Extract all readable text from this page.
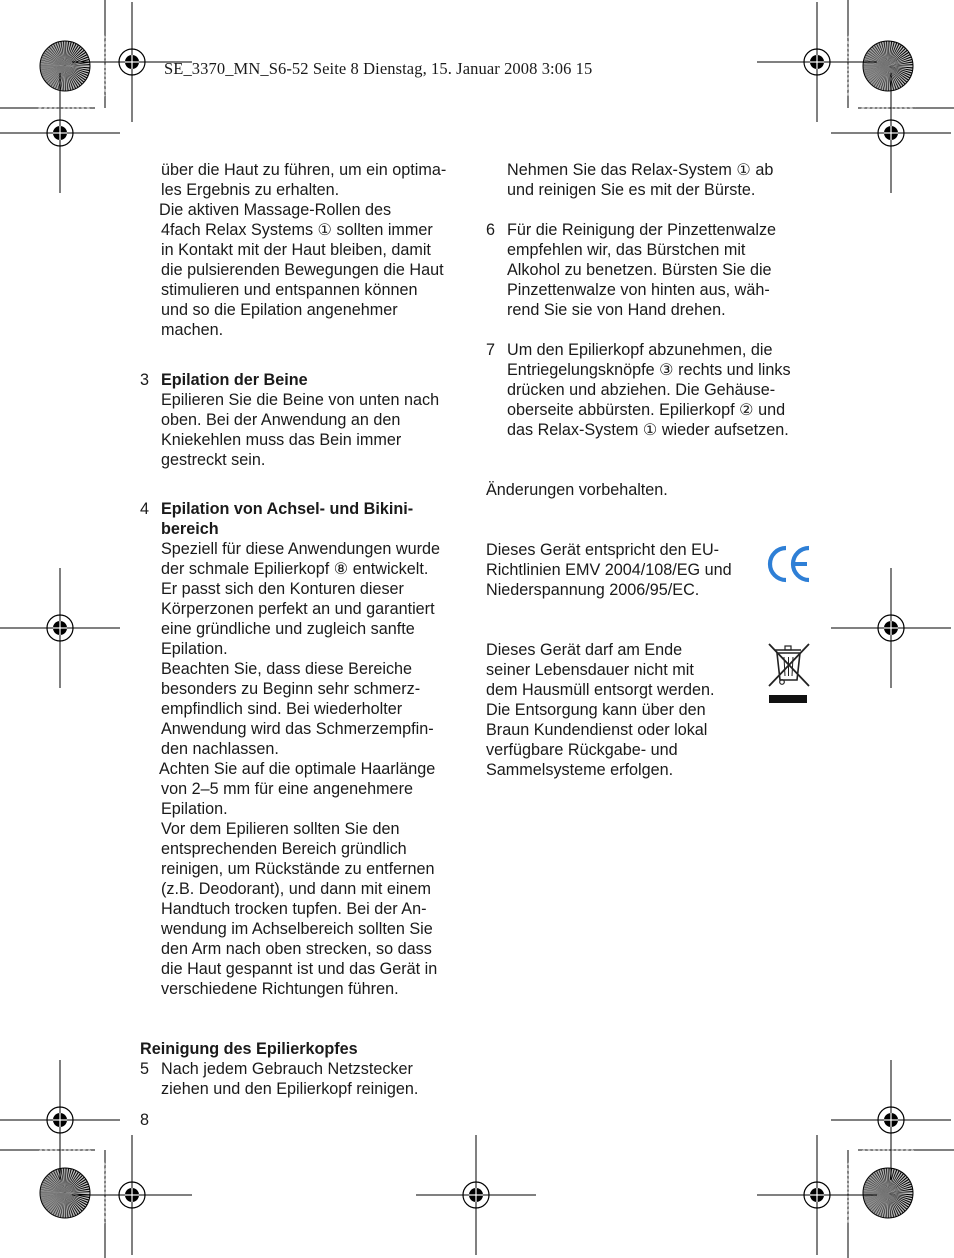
SE_3370_MN_S6-52 Seite 8 Dienstag, 15. Januar 2008 3:06 15

über die Haut zu führen, um ein optima-

les Ergebnis zu erhalten.

Die aktiven Massage-Rollen des

4fach Relax Systems ① sollten immer

in Kontakt mit der Haut bleiben, damit

die pulsierenden Bewegungen die Haut

stimulieren und entspannen können

und so die Epilation angenehmer

machen.

3 Epilation der Beine

Epilieren Sie die Beine von unten nach

oben. Bei der Anwendung an den

Kniekehlen muss das Bein immer

gestreckt sein.

4 Epilation von Achsel- und Bikini-

bereich

Speziell für diese Anwendungen wurde

der schmale Epilierkopf ⑧ entwickelt.

Er passt sich den Konturen dieser

Körperzonen perfekt an und garantiert

eine gründliche und zugleich sanfte

Epilation.

Beachten Sie, dass diese Bereiche

besonders zu Beginn sehr schmerz-

empfindlich sind. Bei wiederholter

Anwendung wird das Schmerzempfin-

den nachlassen.

Achten Sie auf die optimale Haarlänge

von 2–5 mm für eine angenehmere

Epilation.

Vor dem Epilieren sollten Sie den

entsprechenden Bereich gründlich

reinigen, um Rückstände zu entfernen

(z.B. Deodorant), und dann mit einem

Handtuch trocken tupfen. Bei der An-

wendung im Achselbereich sollten Sie

den Arm nach oben strecken, so dass

die Haut gespannt ist und das Gerät in

verschiedene Richtungen führen.

Reinigung des Epilierkopfes

5 Nach jedem Gebrauch Netzstecker

ziehen und den Epilierkopf reinigen.

Nehmen Sie das Relax-System ① ab

und reinigen Sie es mit der Bürste.

6 Für die Reinigung der Pinzettenwalze

empfehlen wir, das Bürstchen mit

Alkohol zu benetzen. Bürsten Sie die

Pinzettenwalze von hinten aus, wäh-

rend Sie sie von Hand drehen.

7 Um den Epilierkopf abzunehmen, die

Entriegelungsknöpfe ③ rechts und links

drücken und abziehen. Die Gehäuse-

oberseite abbürsten. Epilierkopf ② und

das Relax-System ① wieder aufsetzen.

Änderungen vorbehalten.

Dieses Gerät entspricht den EU-

Richtlinien EMV 2004/108/EG und

Niederspannung 2006/95/EC.

Dieses Gerät darf am Ende

seiner Lebensdauer nicht mit

dem Hausmüll entsorgt werden.

Die Entsorgung kann über den

Braun Kundendienst oder lokal

verfügbare Rückgabe- und

Sammelsysteme erfolgen.

8
